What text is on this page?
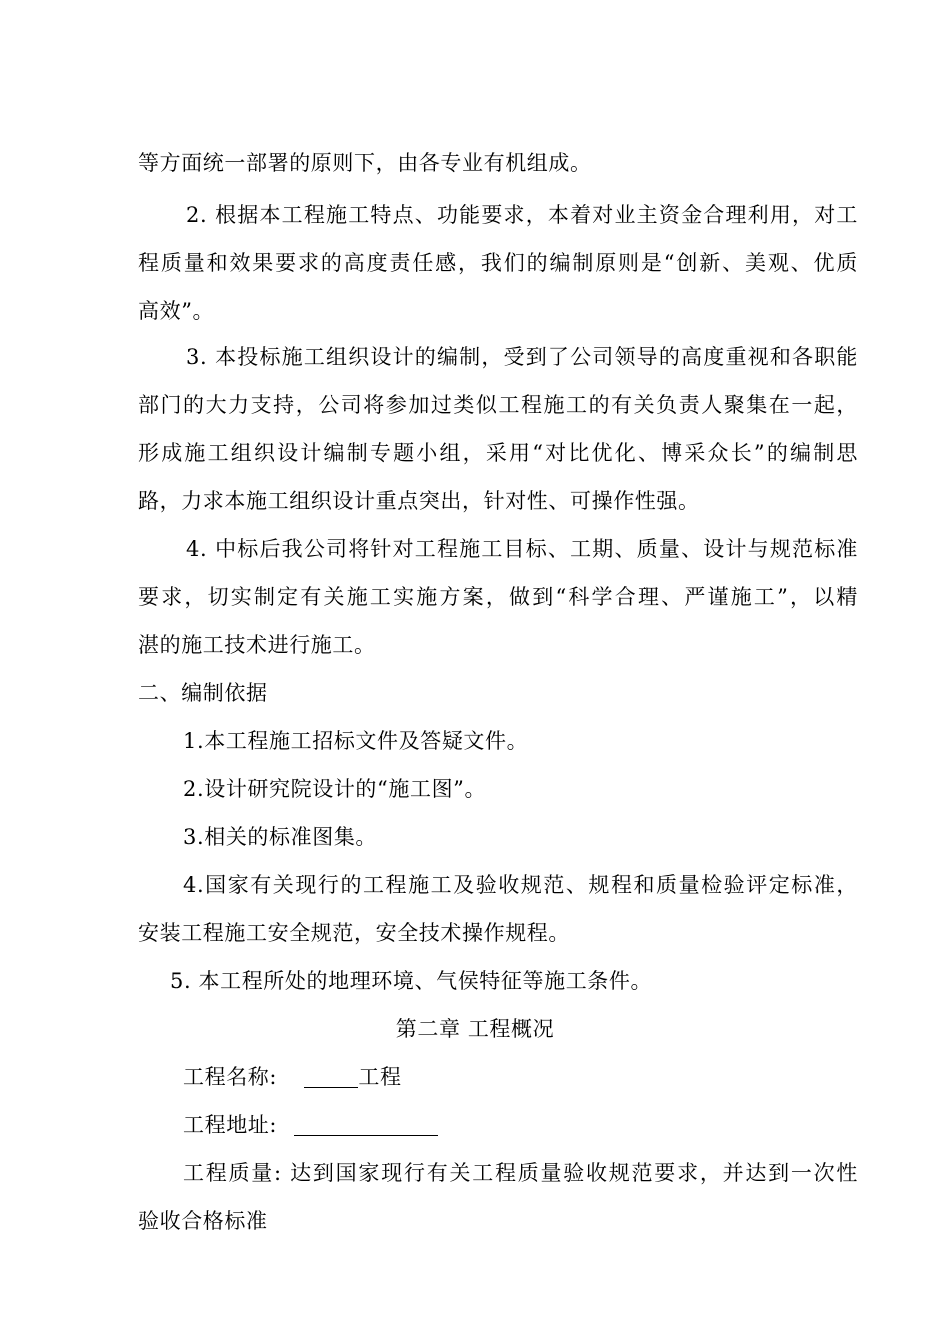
等方面统一部署的原则下，由各专业有机组成。
2. 根据本工程施工特点、功能要求，本着对业主资金合理利用，对工
程质量和效果要求的高度责任感，我们的编制原则是“创新、美观、优质
高效”。
3. 本投标施工组织设计的编制，受到了公司领导的高度重视和各职能
部门的大力支持，公司将参加过类似工程施工的有关负责人聚集在一起，
形成施工组织设计编制专题小组，采用“对比优化、博采众长”的编制思
路，力求本施工组织设计重点突出，针对性、可操作性强。
4. 中标后我公司将针对工程施工目标、工期、质量、设计与规范标准
要求，切实制定有关施工实施方案，做到“科学合理、严谨施工”，以精
湛的施工技术进行施工。
二、编制依据
1.本工程施工招标文件及答疑文件。
2.设计研究院设计的“施工图”。
3.相关的标准图集。
4.国家有关现行的工程施工及验收规范、规程和质量检验评定标准，
安装工程施工安全规范，安全技术操作规程。
5. 本工程所处的地理环境、气侯特征等施工条件。
第二章 工程概况
工程名称:	工程
工程地址:
工程质量: 达到国家现行有关工程质量验收规范要求，并达到一次性
验收合格标准
